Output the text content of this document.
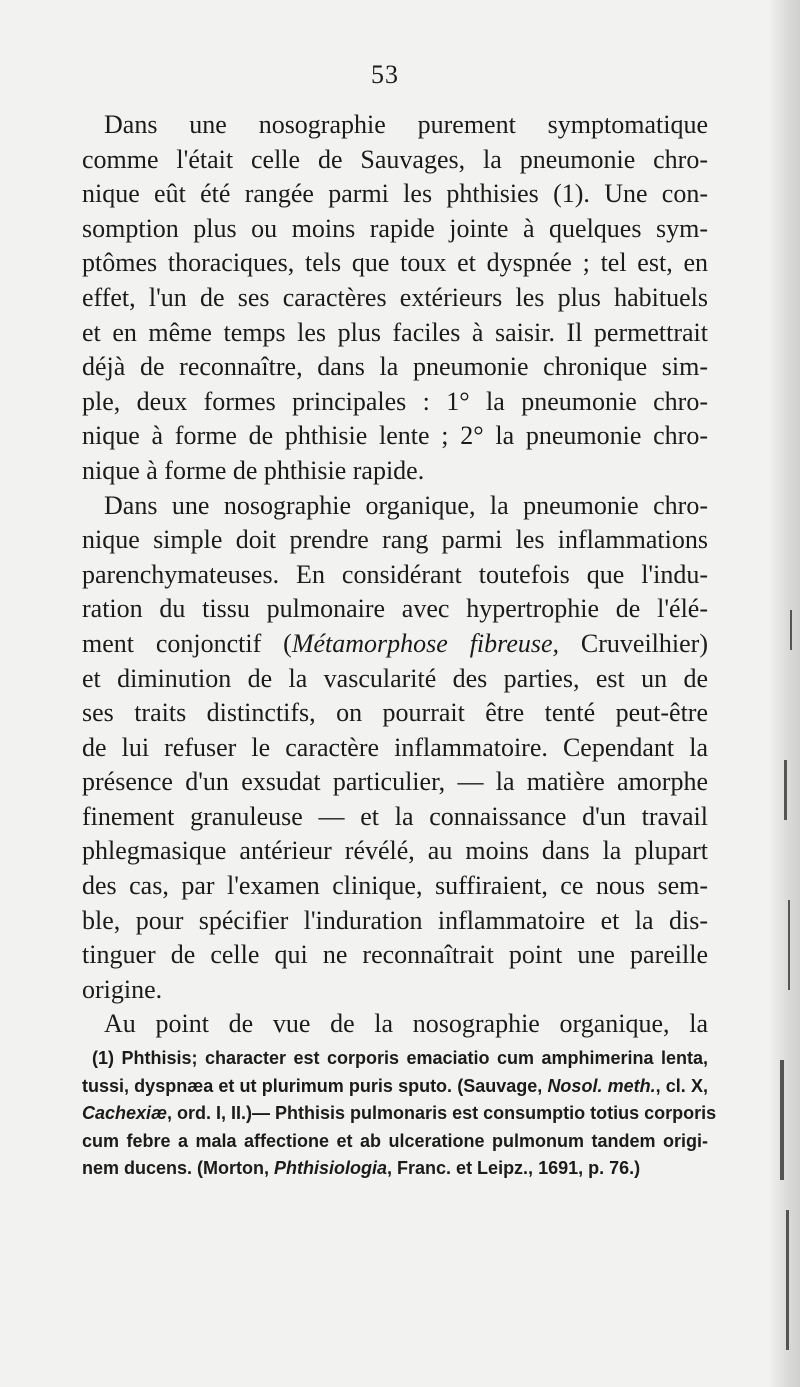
53
Dans une nosographie purement symptomatique
comme l'était celle de Sauvages, la pneumonie chro-
nique eût été rangée parmi les phthisies (1). Une con-
somption plus ou moins rapide jointe à quelques sym-
ptômes thoraciques, tels que toux et dyspnée ; tel est, en
effet, l'un de ses caractères extérieurs les plus habituels
et en même temps les plus faciles à saisir. Il permettrait
déjà de reconnaître, dans la pneumonie chronique sim-
ple, deux formes principales : 1° la pneumonie chro-
nique à forme de phthisie lente ; 2° la pneumonie chro-
nique à forme de phthisie rapide.
Dans une nosographie organique, la pneumonie chro-
nique simple doit prendre rang parmi les inflammations
parenchymateuses. En considérant toutefois que l'indu-
ration du tissu pulmonaire avec hypertrophie de l'élé-
ment conjonctif (Métamorphose fibreuse, Cruveilhier)
et diminution de la vascularité des parties, est un de
ses traits distinctifs, on pourrait être tenté peut-être
de lui refuser le caractère inflammatoire. Cependant la
présence d'un exsudat particulier, — la matière amorphe
finement granuleuse — et la connaissance d'un travail
phlegmasique antérieur révélé, au moins dans la plupart
des cas, par l'examen clinique, suffiraient, ce nous sem-
ble, pour spécifier l'induration inflammatoire et la dis-
tinguer de celle qui ne reconnaîtrait point une pareille
origine.
Au point de vue de la nosographie organique, la
(1) Phthisis; character est corporis emaciatio cum amphimerina lenta,
tussi, dyspnæa et ut plurimum puris sputo. (Sauvage, Nosol. meth., cl. X,
Cachexiæ, ord. I, II.)— Phthisis pulmonaris est consumptio totius corporis
cum febre a mala affectione et ab ulceratione pulmonum tandem origi-
nem ducens. (Morton, Phthisiologia, Franc. et Leipz., 1691, p. 76.)
